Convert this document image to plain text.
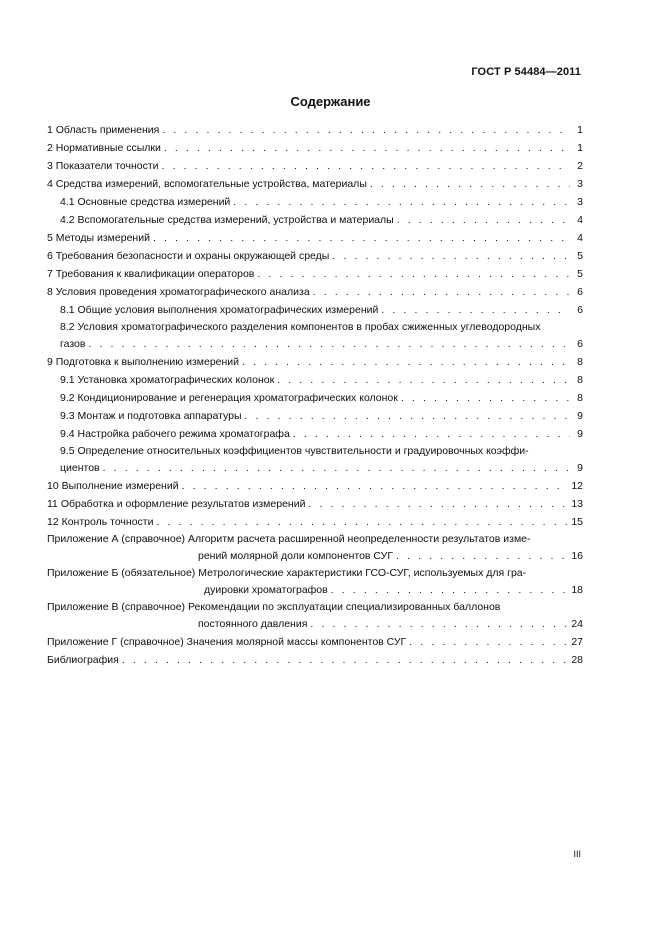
ГОСТ Р 54484—2011
Содержание
1 Область применения . . .	1
2 Нормативные ссылки . . .	1
3 Показатели точности . . .	2
4 Средства измерений, вспомогательные устройства, материалы . . .	3
4.1 Основные средства измерений . . .	3
4.2 Вспомогательные средства измерений, устройства и материалы . . .	4
5 Методы измерений . . .	4
6 Требования безопасности и охраны окружающей среды . . .	5
7 Требования к квалификации операторов . . .	5
8 Условия проведения хроматографического анализа . . .	6
8.1 Общие условия выполнения хроматографических измерений . . .	6
8.2 Условия хроматографического разделения компонентов в пробах сжиженных углеводородных
газов . . .	6
9 Подготовка к выполнению измерений . . .	8
9.1 Установка хроматографических колонок . . .	8
9.2 Кондиционирование и регенерация хроматографических колонок . . .	8
9.3 Монтаж и подготовка аппаратуры . . .	9
9.4 Настройка рабочего режима хроматографа . . .	9
9.5 Определение относительных коэффициентов чувствительности и градуировочных коэффи-
циентов . . .	9
10 Выполнение измерений . . .	12
11 Обработка и оформление результатов измерений . . .	13
12 Контроль точности . . .	15
Приложение А (справочное) Алгоритм расчета расширенной неопределенности результатов изме-
рений молярной доли компонентов СУГ . . .	16
Приложение Б (обязательное) Метрологические характеристики ГСО-СУГ, используемых для гра-
дуировки хроматографов . . .	18
Приложение В (справочное) Рекомендации по эксплуатации специализированных баллонов
постоянного давления . . .	24
Приложение Г (справочное) Значения молярной массы компонентов СУГ . . .	27
Библиография . . .	28
III
